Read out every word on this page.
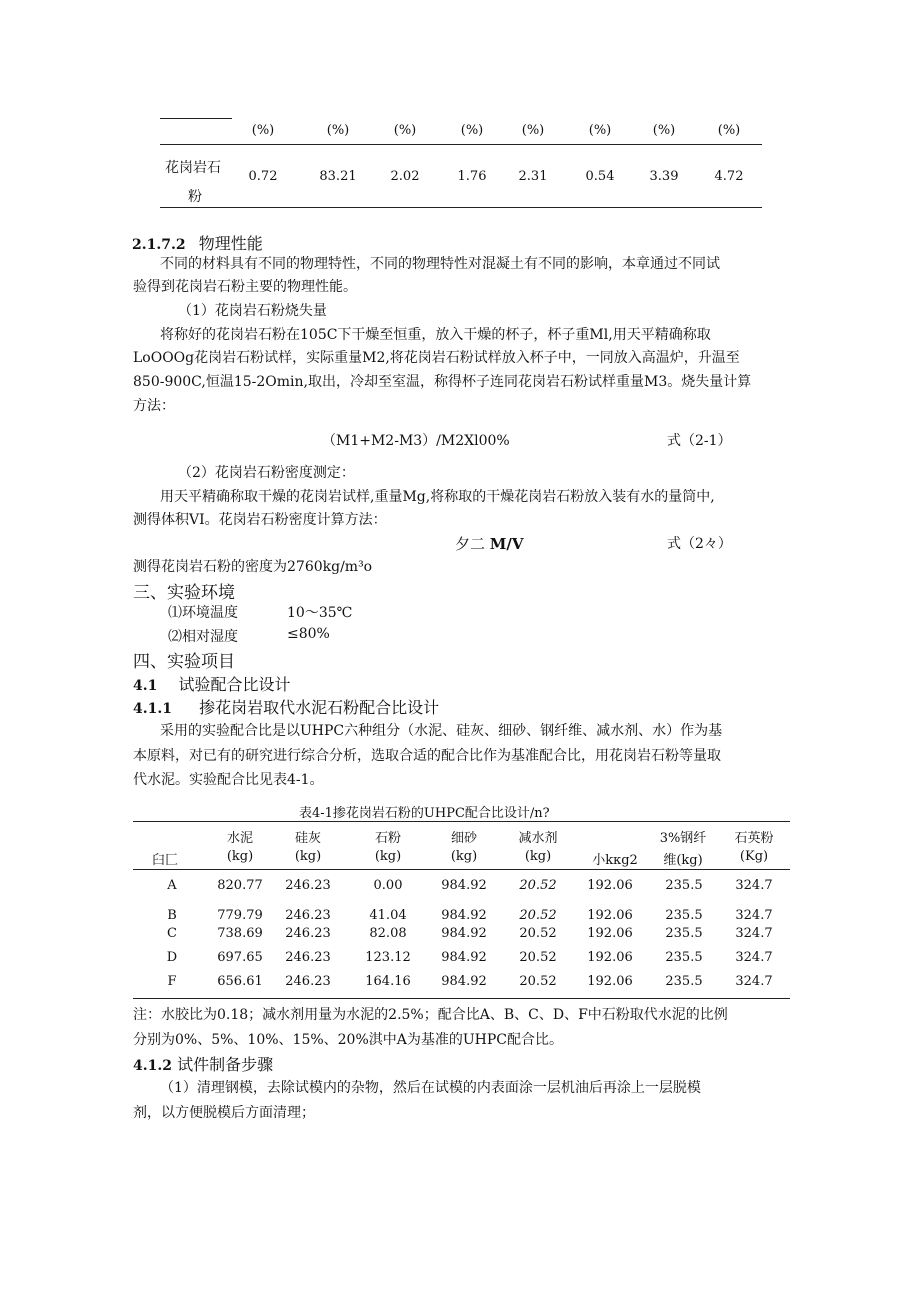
(%)	(%)	(%)	(%)	(%)	(%)	(%)	(%)
花岗岩石
粉
0.72	83.21	2.02	1.76	2.31	0.54	3.39	4.72
2.1.7.2 物理性能
不同的材料具有不同的物理特性，不同的物理特性对混凝土有不同的影响，本章通过不同试
验得到花岗岩石粉主要的物理性能。
（1）花岗岩石粉烧失量
将称好的花岗岩石粉在105C下干燥至恒重，放入干燥的杯子，杯子重Ml,用天平精确称取
LoOOOg花岗岩石粉试样，实际重量M2,将花岗岩石粉试样放入杯子中，一同放入高温炉，升温至
850-900C,恒温15-2Omin,取出，冷却至室温，称得杯子连同花岗岩石粉试样重量M3。烧失量计算
方法：
（M1+M2-M3）/M2Xl00%	式（2-1）
（2）花岗岩石粉密度测定：
用天平精确称取干燥的花岗岩试样,重量Mg,将称取的干燥花岗岩石粉放入装有水的量筒中,
测得体积VI。花岗岩石粉密度计算方法：
夕二 M/V	式（2々）
测得花岗岩石粉的密度为2760kg∕m³o
三、实验环境
⑴环境温度	10～35℃
⑵相对湿度	≤80%
四、实验项目
4.1 试验配合比设计
4.1.1 掺花岗岩取代水泥石粉配合比设计
采用的实验配合比是以UHPC六种组分（水泥、硅灰、细砂、钢纤维、减水剂、水）作为基
本原料，对已有的研究进行综合分析，选取合适的配合比作为基准配合比，用花岗岩石粉等量取
代水泥。实验配合比见表4-1。
表4-1掺花岗岩石粉的UHPC配合比设计/n?
水泥	硅灰	石粉	细砂	减水剂	3%钢纤	石英粉
臼匚	(kg)	(kg)	(kg)	(kg)	(kg)	小kκg2	维(kg)	(Kg)
A	820.77	246.23	0.00	984.92	20.52	192.06	235.5	324.7
B	779.79	246.23	41.04	984.92	20.52	192.06	235.5	324.7
C	738.69	246.23	82.08	984.92	20.52	192.06	235.5	324.7
D	697.65	246.23	123.12	984.92	20.52	192.06	235.5	324.7
F	656.61	246.23	164.16	984.92	20.52	192.06	235.5	324.7
注：水胶比为0.18；减水剂用量为水泥的2.5%；配合比A、B、C、D、F中石粉取代水泥的比例
分别为0%、5%、10%、15%、20%淇中A为基准的UHPC配合比。
4.1.2 试件制备步骤
（1）清理钢模，去除试模内的杂物，然后在试模的内表面涂一层机油后再涂上一层脱模
剂，以方便脱模后方面清理；
